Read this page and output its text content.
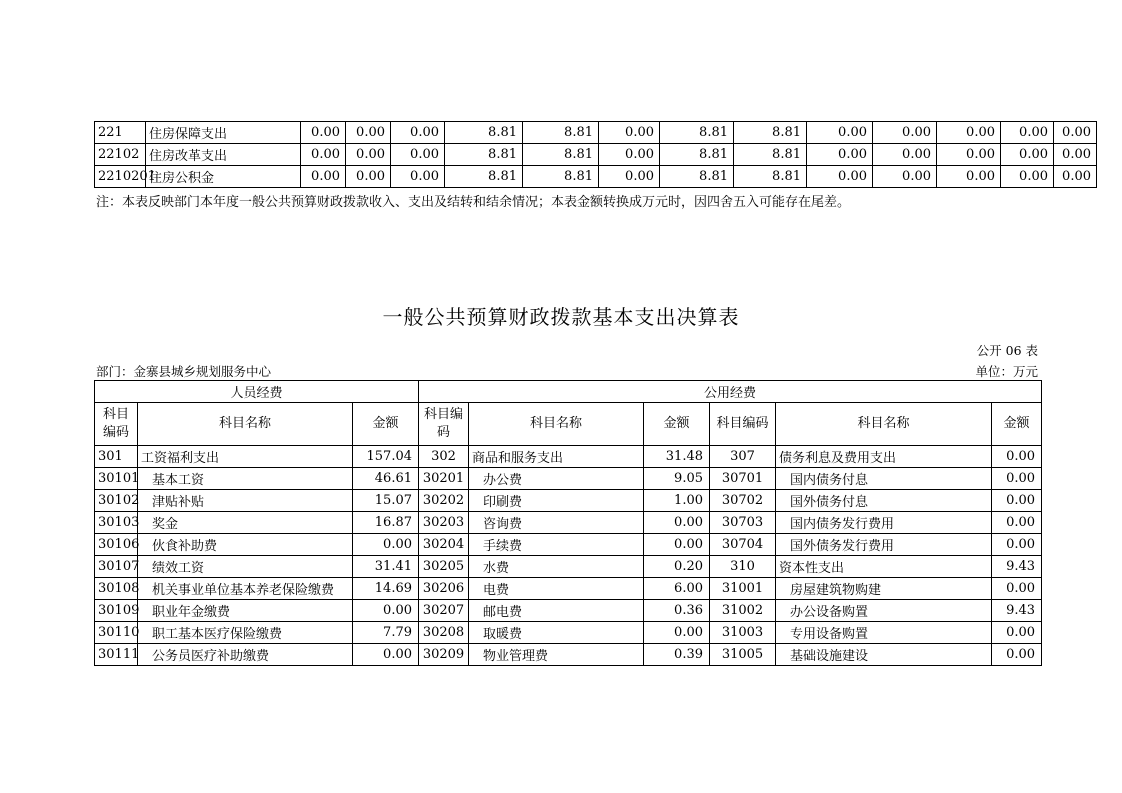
221	住房保障支出	0.00	0.00	0.00	8.81	8.81	0.00	8.81	8.81	0.00	0.00	0.00	0.00	0.00
22102	住房改革支出	0.00	0.00	0.00	8.81	8.81	0.00	8.81	8.81	0.00	0.00	0.00	0.00	0.00
2210201	住房公积金	0.00	0.00	0.00	8.81	8.81	0.00	8.81	8.81	0.00	0.00	0.00	0.00	0.00
注：本表反映部门本年度一般公共预算财政拨款收入、支出及结转和结余情况；本表金额转换成万元时，因四舍五入可能存在尾差。
一般公共预算财政拨款基本支出决算表
公开 06 表
部门：金寨县城乡规划服务中心	单位：万元
人员经费			公用经费					
科目编码	科目名称	金额	科目编码	科目名称	金额	科目编码	科目名称	金额
301	工资福利支出	157.04	302	商品和服务支出	31.48	307	债务利息及费用支出	0.00
30101	基本工资	46.61	30201	办公费	9.05	30701	国内债务付息	0.00
30102	津贴补贴	15.07	30202	印刷费	1.00	30702	国外债务付息	0.00
30103	奖金	16.87	30203	咨询费	0.00	30703	国内债务发行费用	0.00
30106	伙食补助费	0.00	30204	手续费	0.00	30704	国外债务发行费用	0.00
30107	绩效工资	31.41	30205	水费	0.20	310	资本性支出	9.43
30108	机关事业单位基本养老保险缴费	14.69	30206	电费	6.00	31001	房屋建筑物购建	0.00
30109	职业年金缴费	0.00	30207	邮电费	0.36	31002	办公设备购置	9.43
30110	职工基本医疗保险缴费	7.79	30208	取暖费	0.00	31003	专用设备购置	0.00
30111	公务员医疗补助缴费	0.00	30209	物业管理费	0.39	31005	基础设施建设	0.00
